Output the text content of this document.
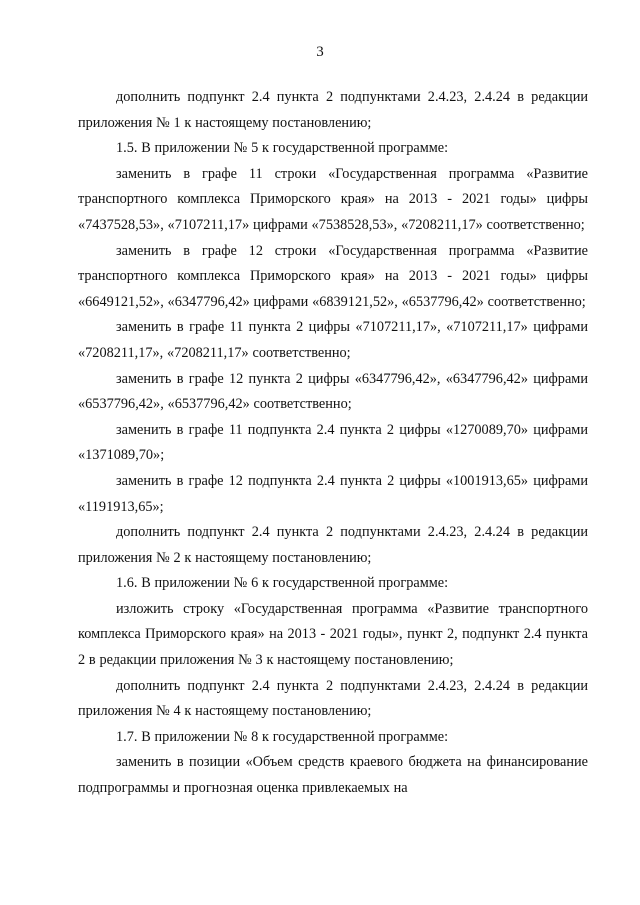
3

дополнить подпункт 2.4 пункта 2 подпунктами 2.4.23, 2.4.24 в редакции приложения № 1 к настоящему постановлению;

1.5. В приложении № 5 к государственной программе:

заменить в графе 11 строки «Государственная программа «Развитие транспортного комплекса Приморского края» на 2013 - 2021 годы» цифры «7437528,53», «7107211,17» цифрами «7538528,53», «7208211,17» соответственно;

заменить в графе 12 строки «Государственная программа «Развитие транспортного комплекса Приморского края» на 2013 - 2021 годы» цифры «6649121,52», «6347796,42» цифрами «6839121,52», «6537796,42» соответственно;

заменить в графе 11 пункта 2 цифры «7107211,17», «7107211,17» цифрами «7208211,17», «7208211,17» соответственно;

заменить в графе 12 пункта 2 цифры «6347796,42», «6347796,42» цифрами «6537796,42», «6537796,42» соответственно;

заменить в графе 11 подпункта 2.4 пункта 2 цифры «1270089,70» цифрами «1371089,70»;

заменить в графе 12 подпункта 2.4 пункта 2 цифры «1001913,65» цифрами «1191913,65»;

дополнить подпункт 2.4 пункта 2 подпунктами 2.4.23, 2.4.24 в редакции приложения № 2 к настоящему постановлению;

1.6. В приложении № 6 к государственной программе:

изложить строку «Государственная программа «Развитие транспортного комплекса Приморского края» на 2013 - 2021 годы», пункт 2, подпункт 2.4 пункта 2 в редакции приложения № 3 к настоящему постановлению;

дополнить подпункт 2.4 пункта 2 подпунктами 2.4.23, 2.4.24 в редакции приложения № 4 к настоящему постановлению;

1.7. В приложении № 8 к государственной программе:

заменить в позиции «Объем средств краевого бюджета на финансирование подпрограммы и прогнозная оценка привлекаемых на
